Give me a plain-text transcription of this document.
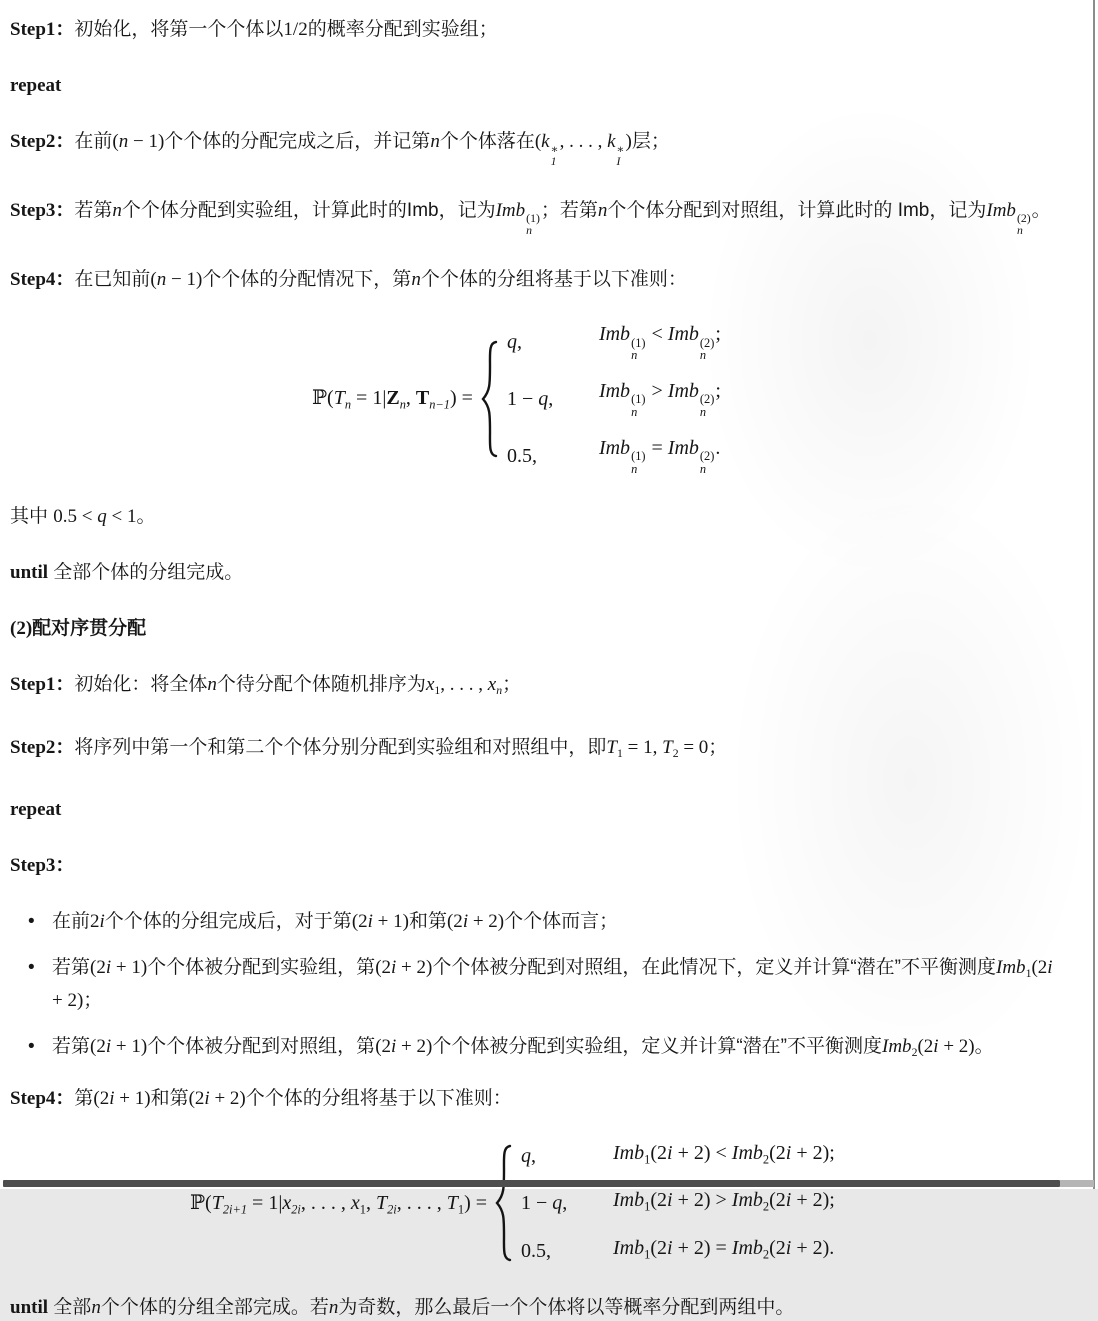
Step1：初始化，将第一个个体以1/2的概率分配到实验组；

repeat

Step2：在前(n − 1)个个体的分配完成之后，并记第n个个体落在(k ∗
1
, . . . , k ∗
I
)层；

Step3：若第n个个体分配到实验组，计算此时的Imb，记为Imb (1)
n
；若第n个个体分配到对照组，计算此时的 Imb，记为Imb (2)
n
。

Step4：在已知前(n − 1)个个体的分配情况下，第n个个体的分组将基于以下准则：

$ℙ(T_n = 1|Z_n$, $T_{n-1}$) =
q,	Imb (1)
n
< Imb (2)
n
;
1 − q,	Imb (1)
n
> Imb (2)
n
;
0.5,	Imb (1)
n
= Imb (2)
n
.

其中 0.5 < q < 1。

until 全部个体的分组完成。

(2)配对序贯分配

Step1：初始化：将全体n个待分配个体随机排序为$x_1$, . . . , $x_n$；

Step2：将序列中第一个和第二个个体分别分配到实验组和对照组中，即$T_1 = 1$, $T_2 = 0$；

repeat

Step3：

• 在前2i个个体的分组完成后，对于第(2i + 1)和第(2i + 2)个个体而言；
• 若第(2i + 1)个个体被分配到实验组，第(2i + 2)个个体被分配到对照组，在此情况下，定义并计算“潜在”不平衡测度Imb$_1$(2i + 2)；
• 若第(2i + 1)个个体被分配到对照组，第(2i + 2)个个体被分配到实验组，定义并计算“潜在”不平衡测度Imb$_2$(2i + 2)。

Step4：第(2i + 1)和第(2i + 2)个个体的分组将基于以下准则：

$ℙ(T_{2i+1} = 1|x_{2i}$, . . . , $x_1$, $T_{2i}$, . . . , $T_1$) =
q,	Imb$_1$(2i + 2) < Imb$_2$(2i + 2);
1 − q,	Imb$_1$(2i + 2) > Imb$_2$(2i + 2);
0.5,	Imb$_1$(2i + 2) = Imb$_2$(2i + 2).

until 全部n个个体的分组全部完成。若n为奇数，那么最后一个个体将以等概率分配到两组中。
